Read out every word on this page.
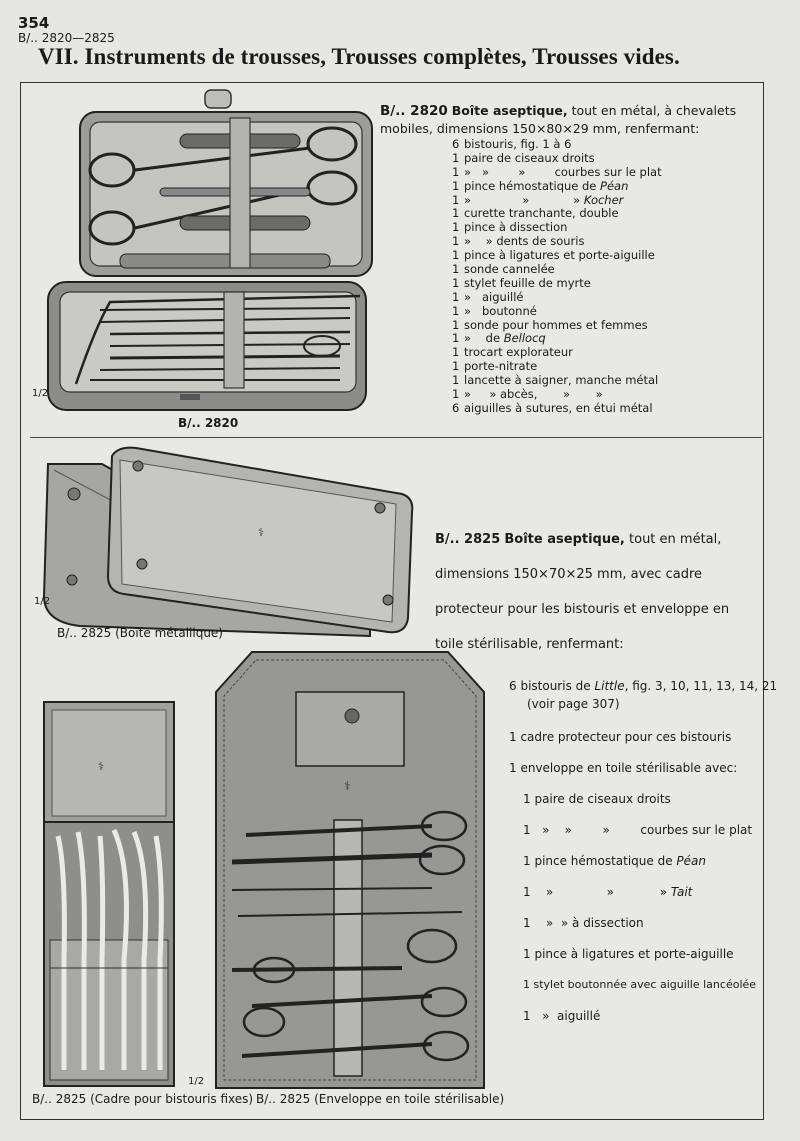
354
B/.. 2820—2825
VII. Instruments de trousses, Trousses complètes, Trousses vides.
1/2
B/.. 2820
B/.. 2820 Boîte aseptique, tout en métal, à chevalets mobiles, dimensions 150×80×29 mm, renfermant:
6 bistouris, fig. 1 à 6
1 paire de ciseaux droits
1 »   »        »        courbes sur le plat
1 pince hémostatique de Péan
1 »              »            » Kocher
1 curette tranchante, double
1 pince à dissection
1 »    » dents de souris
1 pince à ligatures et porte-aiguille
1 sonde cannelée
1 stylet feuille de myrte
1 »   aiguillé
1 »   boutonné
1 sonde pour hommes et femmes
1 »    de Bellocq
1 trocart explorateur
1 porte-nitrate
1 lancette à saigner, manche métal
1 »     » abcès,       »       »
6 aiguilles à sutures, en étui métal
⚕
1/2
B/.. 2825 (Boîte métallique)
B/.. 2825 Boîte aseptique, tout en métal, dimensions 150×70×25 mm, avec cadre protecteur pour les bistouris et enveloppe en toile stérilisable, renfermant:
6 bistouris de Little, fig. 3, 10, 11, 13, 14, 21
(voir page 307)
1 cadre protecteur pour ces bistouris
1 enveloppe en toile stérilisable avec:
1 paire de ciseaux droits
1   »    »        »        courbes sur le plat
1 pince hémostatique de Péan
1    »              »            » Tait
1    »  » à dissection
1 pince à ligatures et porte-aiguille
1 stylet boutonnée avec aiguille lancéolée
1   »  aiguillé
⚕
1/2
B/.. 2825 (Cadre pour bistouris fixes)
⚕
B/.. 2825 (Enveloppe en toile stérilisable)
